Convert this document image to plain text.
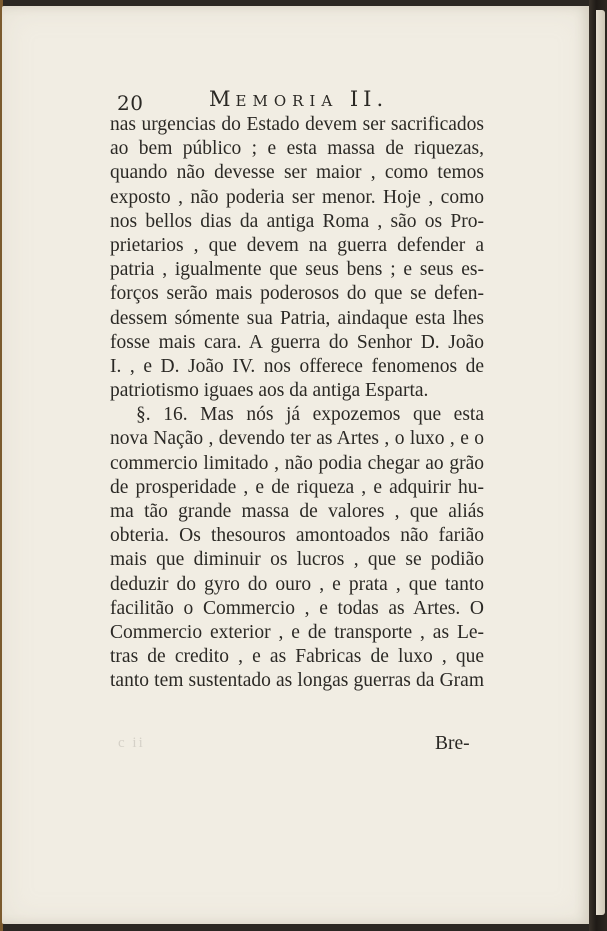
20	MEMORIA II.
nas urgencias do Estado devem ser sacrificados
ao bem público ; e esta massa de riquezas,
quando não devesse ser maior , como temos
exposto , não poderia ser menor. Hoje , como
nos bellos dias da antiga Roma , são os Pro-
prietarios , que devem na guerra defender a
patria , igualmente que seus bens ; e seus es-
forços serão mais poderosos do que se defen-
dessem sómente sua Patria, aindaque esta lhes
fosse mais cara. A guerra do Senhor D. João
I. , e D. João IV. nos offerece fenomenos de
patriotismo iguaes aos da antiga Esparta.
§. 16. Mas nós já expozemos que esta
nova Nação , devendo ter as Artes , o luxo , e o
commercio limitado , não podia chegar ao grão
de prosperidade , e de riqueza , e adquirir hu-
ma tão grande massa de valores , que aliás
obteria. Os thesouros amontoados não farião
mais que diminuir os lucros , que se podião
deduzir do gyro do ouro , e prata , que tanto
facilitão o Commercio , e todas as Artes. O
Commercio exterior , e de transporte , as Le-
tras de credito , e as Fabricas de luxo , que
tanto tem sustentado as longas guerras da Gram
c ii	Bre-
